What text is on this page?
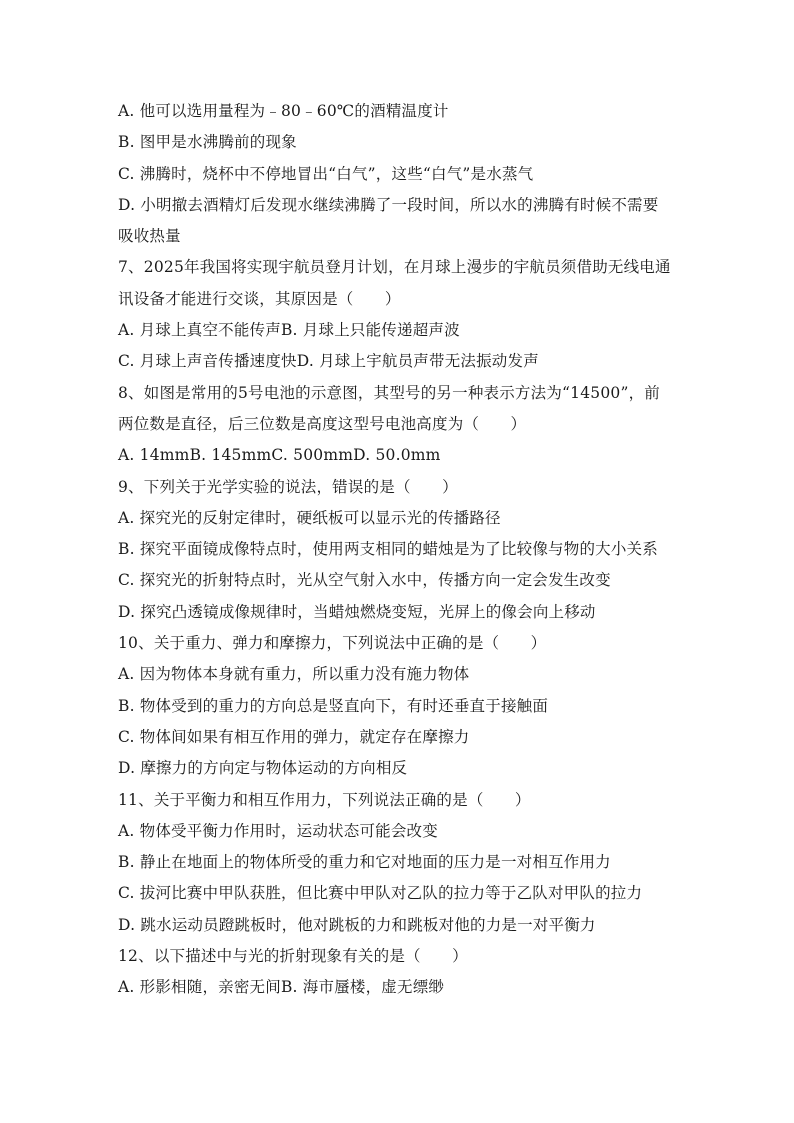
A. 他可以选用量程为﹣80﹣60℃的酒精温度计
B. 图甲是水沸腾前的现象
C. 沸腾时，烧杯中不停地冒出“白气”，这些“白气”是水蒸气
D. 小明撤去酒精灯后发现水继续沸腾了一段时间，所以水的沸腾有时候不需要
吸收热量
7、2025年我国将实现宇航员登月计划，在月球上漫步的宇航员须借助无线电通
讯设备才能进行交谈，其原因是（　　）
A. 月球上真空不能传声B. 月球上只能传递超声波
C. 月球上声音传播速度快D. 月球上宇航员声带无法振动发声
8、如图是常用的5号电池的示意图，其型号的另一种表示方法为“14500”，前
两位数是直径，后三位数是高度这型号电池高度为（　　）
A. 14mmB. 145mmC. 500mmD. 50.0mm
9、下列关于光学实验的说法，错误的是（　　）
A. 探究光的反射定律时，硬纸板可以显示光的传播路径
B. 探究平面镜成像特点时，使用两支相同的蜡烛是为了比较像与物的大小关系
C. 探究光的折射特点时，光从空气射入水中，传播方向一定会发生改变
D. 探究凸透镜成像规律时，当蜡烛燃烧变短，光屏上的像会向上移动
10、关于重力、弹力和摩擦力，下列说法中正确的是（　　）
A. 因为物体本身就有重力，所以重力没有施力物体
B. 物体受到的重力的方向总是竖直向下，有时还垂直于接触面
C. 物体间如果有相互作用的弹力，就定存在摩擦力
D. 摩擦力的方向定与物体运动的方向相反
11、关于平衡力和相互作用力，下列说法正确的是（　　）
A. 物体受平衡力作用时，运动状态可能会改变
B. 静止在地面上的物体所受的重力和它对地面的压力是一对相互作用力
C. 拔河比赛中甲队获胜，但比赛中甲队对乙队的拉力等于乙队对甲队的拉力
D. 跳水运动员蹬跳板时，他对跳板的力和跳板对他的力是一对平衡力
12、以下描述中与光的折射现象有关的是（　　）
A. 形影相随，亲密无间B. 海市蜃楼，虚无缥缈
